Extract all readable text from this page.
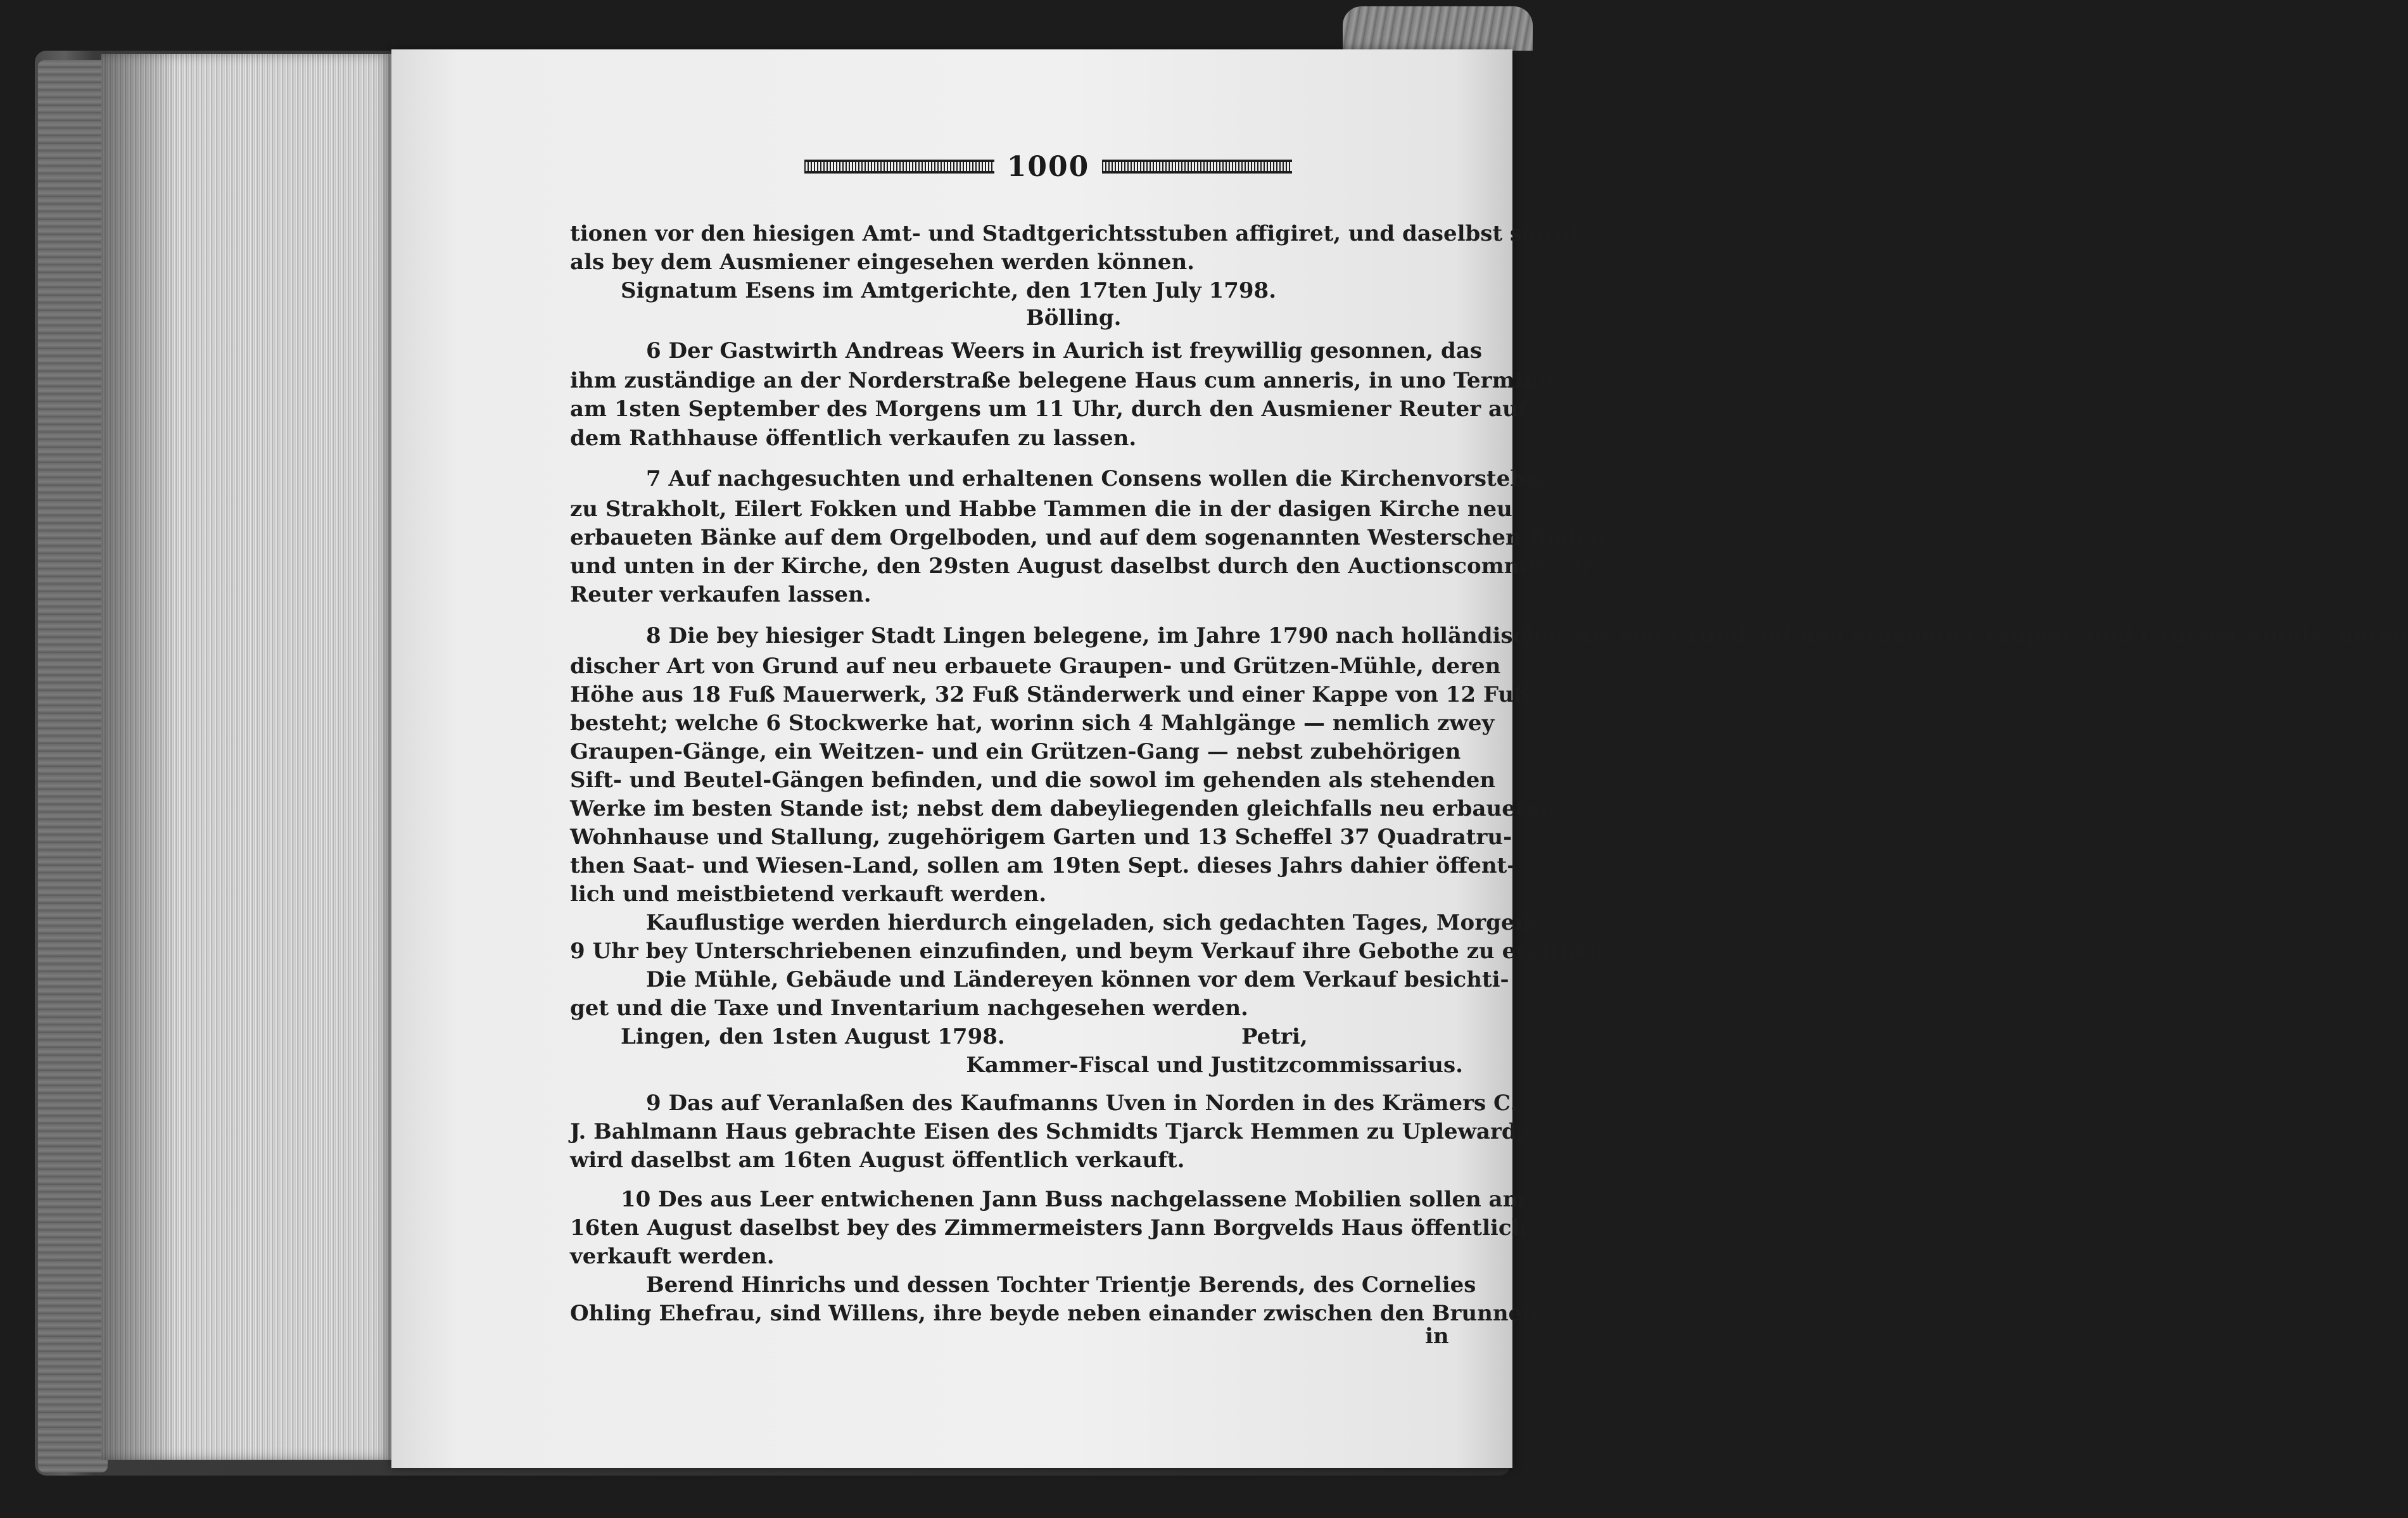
1000
tionen vor den hiesigen Amt- und Stadtgerichtsstuben affigiret, und daselbst sowol
als bey dem Ausmiener eingesehen werden können.
Signatum Esens im Amtgerichte, den 17ten July 1798.
Bölling.
6 Der Gastwirth Andreas Weers in Aurich ist freywillig gesonnen, das
ihm zuständige an der Norderstraße belegene Haus cum anneris, in uno Termino
am 1sten September des Morgens um 11 Uhr, durch den Ausmiener Reuter auf
dem Rathhause öffentlich verkaufen zu lassen.
7 Auf nachgesuchten und erhaltenen Consens wollen die Kirchenvorsteher
zu Strakholt, Eilert Fokken und Habbe Tammen die in der dasigen Kirche neu
erbaueten Bänke auf dem Orgelboden, und auf dem sogenannten Westerschen Boden
und unten in der Kirche, den 29sten August daselbst durch den Auctionscommissair
Reuter verkaufen lassen.
8 Die bey hiesiger Stadt Lingen belegene, im Jahre 1790 nach holländischer Art von Grund auf neu erbauete Graupen- und Grützen-Mühle, deren
discher Art von Grund auf neu erbauete Graupen- und Grützen-Mühle, deren
Höhe aus 18 Fuß Mauerwerk, 32 Fuß Ständerwerk und einer Kappe von 12 Fuß
besteht; welche 6 Stockwerke hat, worinn sich 4 Mahlgänge — nemlich zwey
Graupen-Gänge, ein Weitzen- und ein Grützen-Gang — nebst zubehörigen
Sift- und Beutel-Gängen befinden, und die sowol im gehenden als stehenden
Werke im besten Stande ist; nebst dem dabeyliegenden gleichfalls neu erbaueten
Wohnhause und Stallung, zugehörigem Garten und 13 Scheffel 37 Quadratru-
then Saat- und Wiesen-Land, sollen am 19ten Sept. dieses Jahrs dahier öffent-
lich und meistbietend verkauft werden.
Kauflustige werden hierdurch eingeladen, sich gedachten Tages, Morgens
9 Uhr bey Unterschriebenen einzufinden, und beym Verkauf ihre Gebothe zu eröffnen.
Die Mühle, Gebäude und Ländereyen können vor dem Verkauf besichti-
get und die Taxe und Inventarium nachgesehen werden.
Lingen, den 1sten August 1798.	Petri,
Kammer-Fiscal und Justitzcommissarius.
9 Das auf Veranlaßen des Kaufmanns Uven in Norden in des Krämers C.
J. Bahlmann Haus gebrachte Eisen des Schmidts Tjarck Hemmen zu Upleward,
wird daselbst am 16ten August öffentlich verkauft.
10 Des aus Leer entwichenen Jann Buss nachgelassene Mobilien sollen am
16ten August daselbst bey des Zimmermeisters Jann Borgvelds Haus öffentlich
verkauft werden.
Berend Hinrichs und dessen Tochter Trientje Berends, des Cornelies
Ohling Ehefrau, sind Willens, ihre beyde neben einander zwischen den Brunnen
in
